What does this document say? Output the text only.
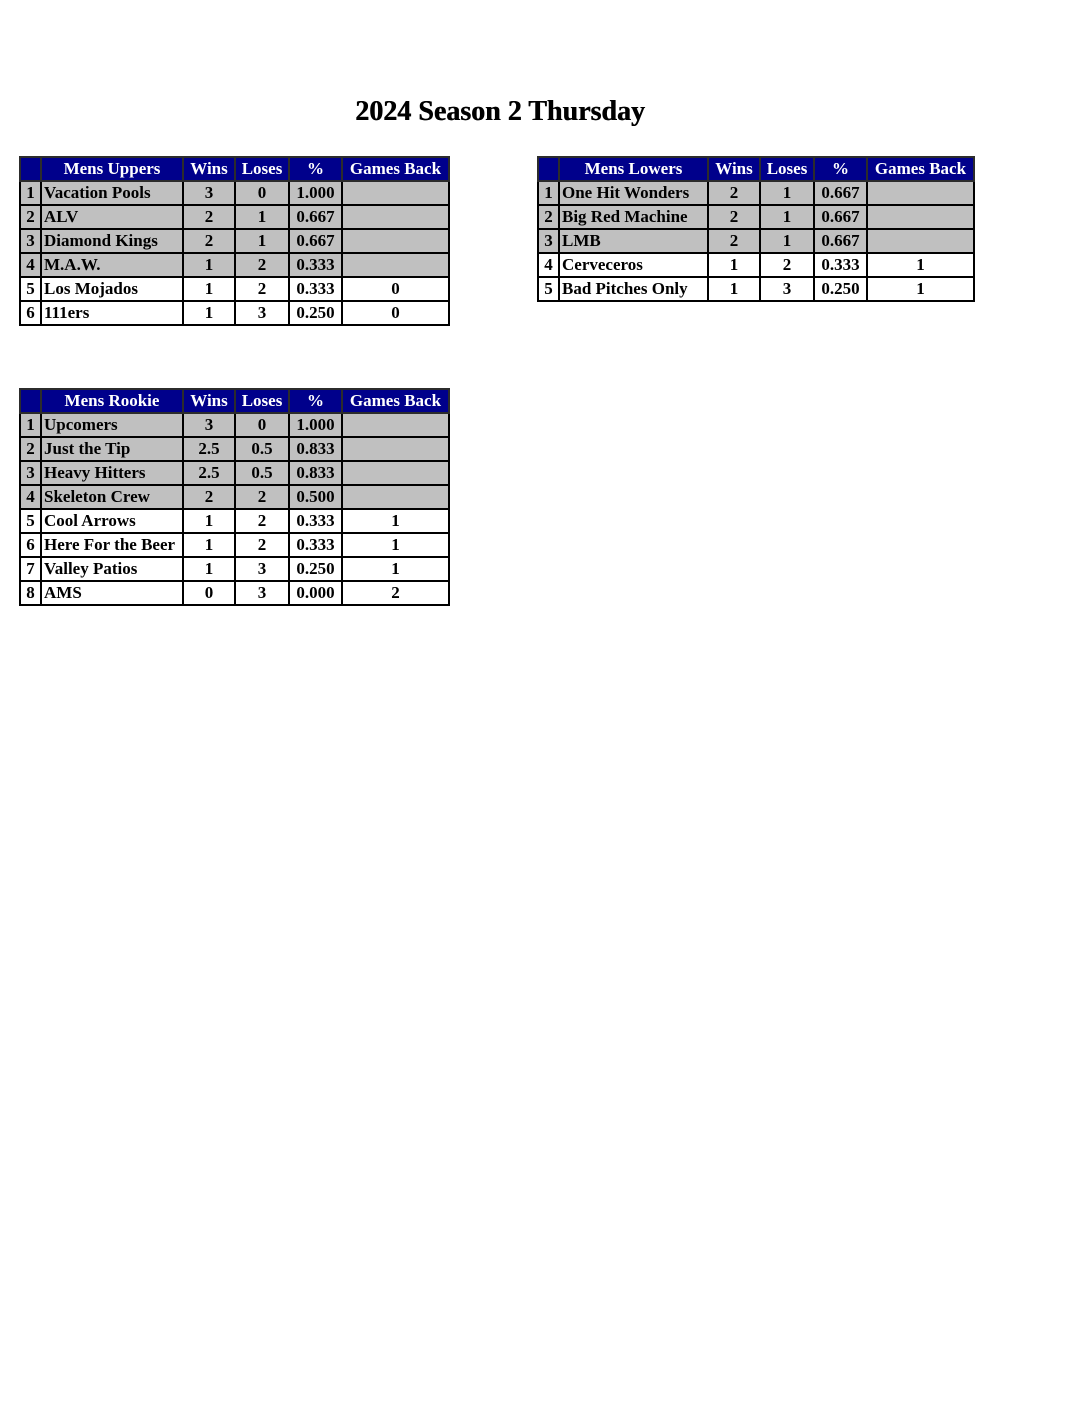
2024 Season 2 Thursday
	Mens Uppers	Wins	Loses	%	Games Back
1	Vacation Pools	3	0	1.000	
2	ALV	2	1	0.667	
3	Diamond Kings	2	1	0.667	
4	M.A.W.	1	2	0.333	
5	Los Mojados	1	2	0.333	0
6	111ers	1	3	0.250	0
	Mens Lowers	Wins	Loses	%	Games Back
1	One Hit Wonders	2	1	0.667	
2	Big Red Machine	2	1	0.667	
3	LMB	2	1	0.667	
4	Cerveceros	1	2	0.333	1
5	Bad Pitches Only	1	3	0.250	1
	Mens Rookie	Wins	Loses	%	Games Back
1	Upcomers	3	0	1.000	
2	Just the Tip	2.5	0.5	0.833	
3	Heavy Hitters	2.5	0.5	0.833	
4	Skeleton Crew	2	2	0.500	
5	Cool Arrows	1	2	0.333	1
6	Here For the Beer	1	2	0.333	1
7	Valley Patios	1	3	0.250	1
8	AMS	0	3	0.000	2
